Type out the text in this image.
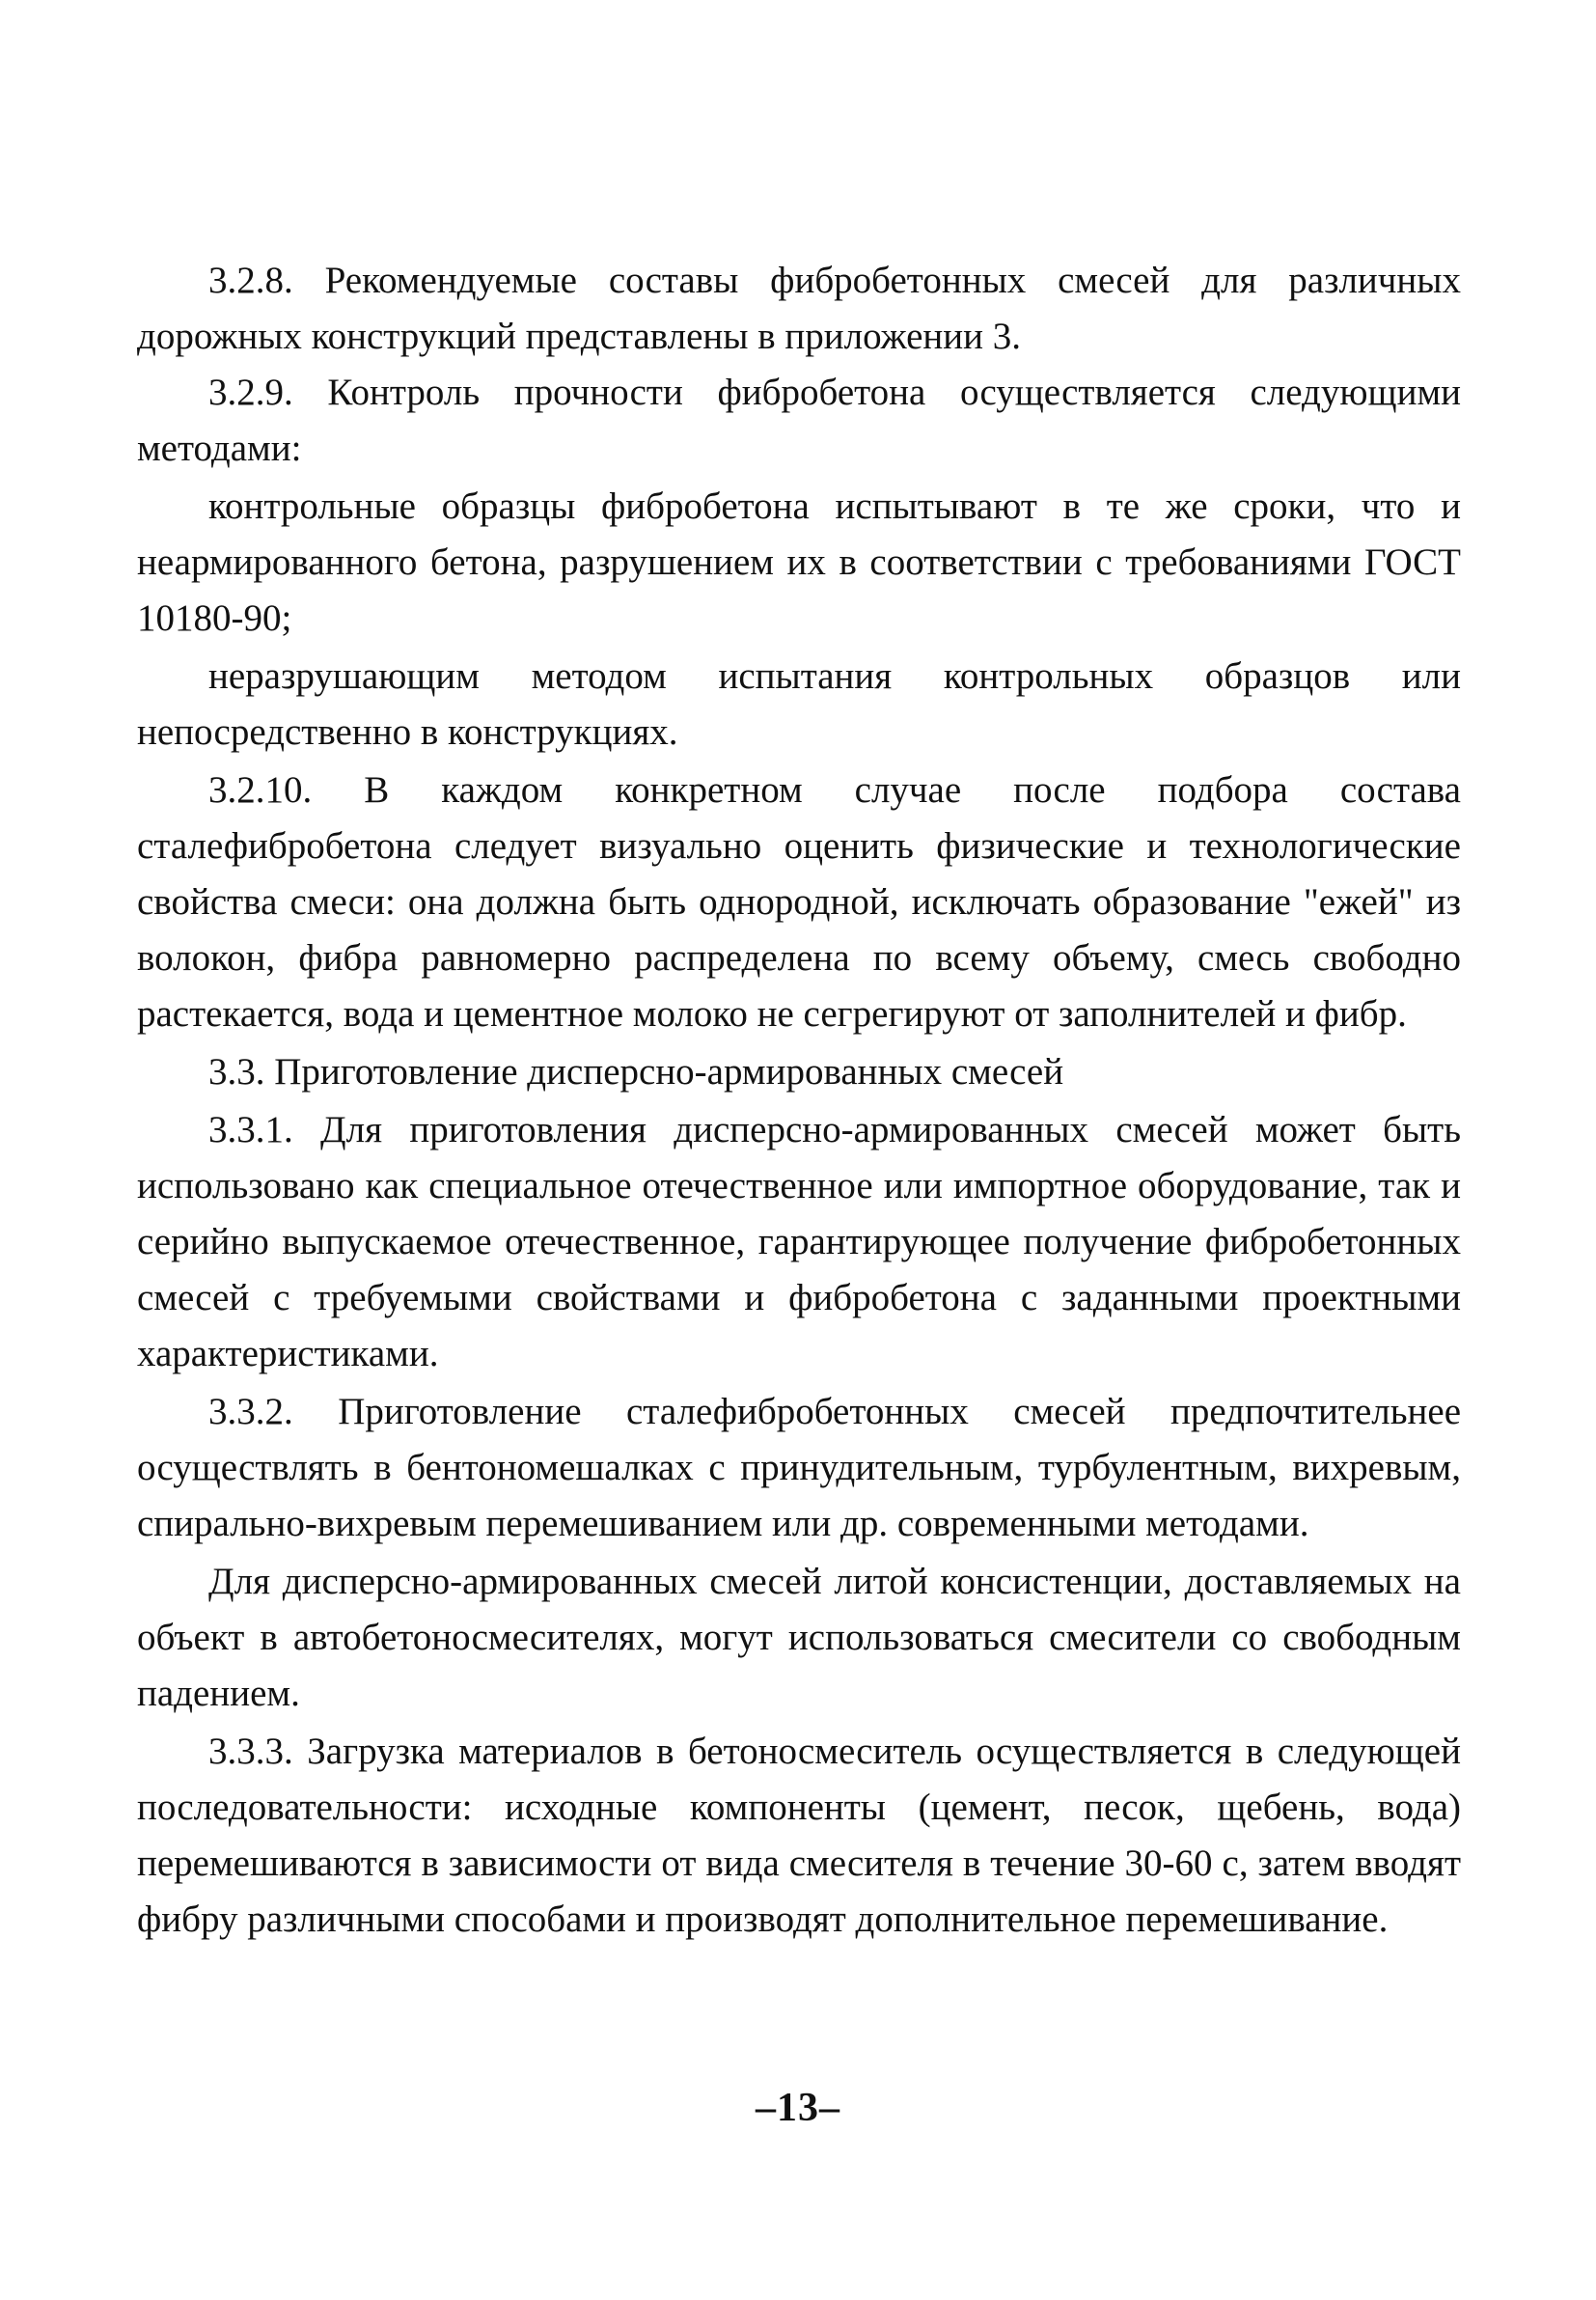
3.2.8. Рекомендуемые составы фибробетонных смесей для различных дорожных конструкций представлены в приложении 3.

3.2.9. Контроль прочности фибробетона осуществляется следующими методами:

контрольные образцы фибробетона испытывают в те же сроки, что и неармированного бетона, разрушением их в соответствии с требованиями ГОСТ 10180-90;

неразрушающим методом испытания контрольных образцов или непосредственно в конструкциях.

3.2.10. В каждом конкретном случае после подбора состава сталефибробетона следует визуально оценить физические и технологические свойства смеси: она должна быть однородной, исключать образование "ежей" из волокон, фибра равномерно распределена по всему объему, смесь свободно растекается, вода и цементное молоко не сегрегируют от заполнителей и фибр.

3.3. Приготовление дисперсно-армированных смесей

3.3.1. Для приготовления дисперсно-армированных смесей может быть использовано как специальное отечественное или импортное оборудование, так и серийно выпускаемое отечественное, гарантирующее получение фибробетонных смесей с требуемыми свойствами и фибробетона с заданными проектными характеристиками.

3.3.2. Приготовление сталефибробетонных смесей предпочтительнее осуществлять в бентономешалках с принудительным, турбулентным, вихревым, спирально-вихревым перемешиванием или др. современными методами.

Для дисперсно-армированных смесей литой консистенции, доставляемых на объект в автобетоносмесителях, могут использоваться смесители со свободным падением.

3.3.3. Загрузка материалов в бетоносмеситель осуществляется в следующей последовательности: исходные компоненты (цемент, песок, щебень, вода) перемешиваются в зависимости от вида смесителя в течение 30-60 с, затем вводят фибру различными способами и производят дополнительное перемешивание.

–13–
